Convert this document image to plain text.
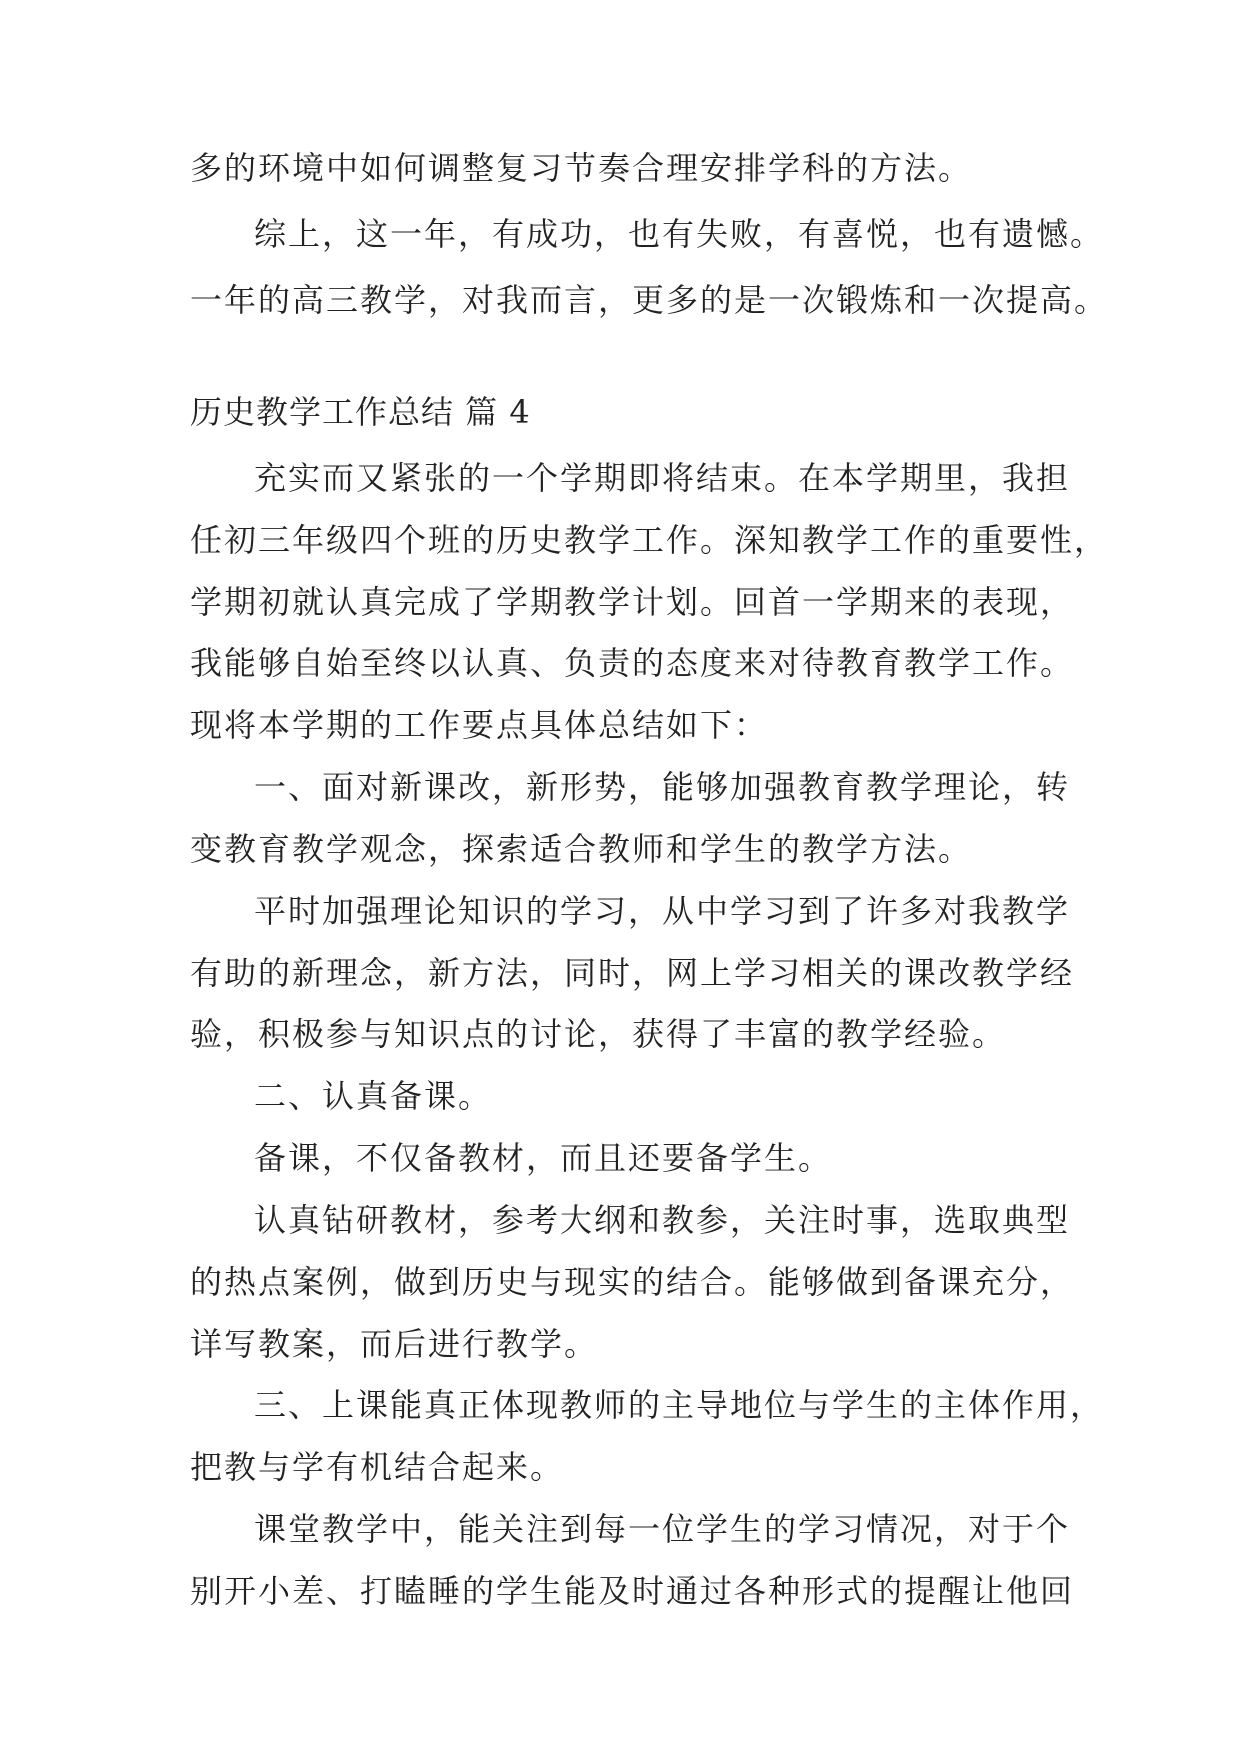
多的环境中如何调整复习节奏合理安排学科的方法。
综上，这一年，有成功，也有失败，有喜悦，也有遗憾。
一年的高三教学，对我而言，更多的是一次锻炼和一次提高。
历史教学工作总结 篇 4
充实而又紧张的一个学期即将结束。在本学期里，我担
任初三年级四个班的历史教学工作。深知教学工作的重要性，
学期初就认真完成了学期教学计划。回首一学期来的表现，
我能够自始至终以认真、负责的态度来对待教育教学工作。
现将本学期的工作要点具体总结如下：
一、面对新课改，新形势，能够加强教育教学理论，转
变教育教学观念，探索适合教师和学生的教学方法。
平时加强理论知识的学习，从中学习到了许多对我教学
有助的新理念，新方法，同时，网上学习相关的课改教学经
验，积极参与知识点的讨论，获得了丰富的教学经验。
二、认真备课。
备课，不仅备教材，而且还要备学生。
认真钻研教材，参考大纲和教参，关注时事，选取典型
的热点案例，做到历史与现实的结合。能够做到备课充分，
详写教案，而后进行教学。
三、上课能真正体现教师的主导地位与学生的主体作用，
把教与学有机结合起来。
课堂教学中，能关注到每一位学生的学习情况，对于个
别开小差、打瞌睡的学生能及时通过各种形式的提醒让他回
